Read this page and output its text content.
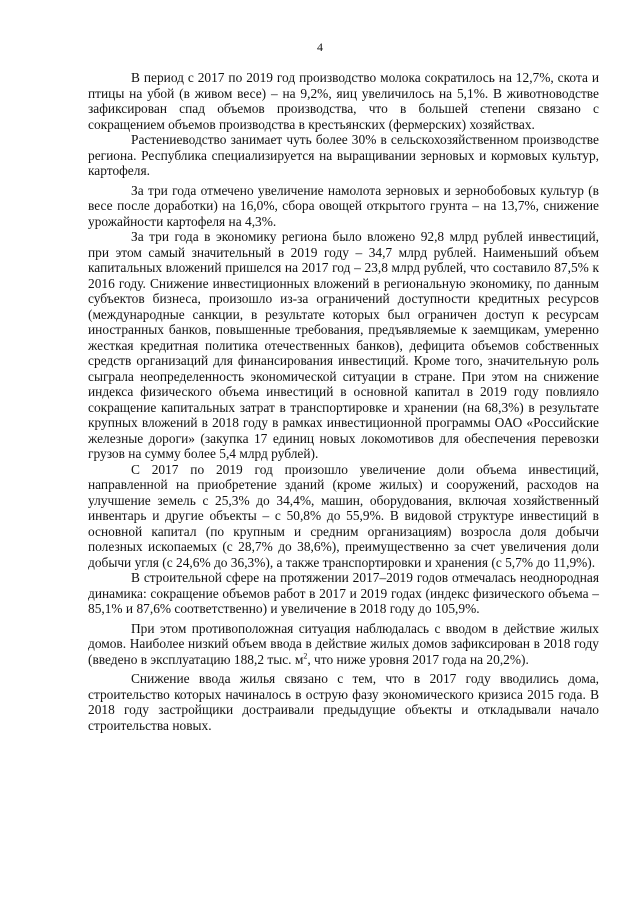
4

В период с 2017 по 2019 год производство молока сократилось на 12,7%, скота и птицы на убой (в живом весе) – на 9,2%, яиц увеличилось на 5,1%. В животноводстве зафиксирован спад объемов производства, что в большей степени связано с сокращением объемов производства в крестьянских (фермерских) хозяйствах.

Растениеводство занимает чуть более 30% в сельскохозяйственном производстве региона. Республика специализируется на выращивании зерновых и кормовых культур, картофеля.

За три года отмечено увеличение намолота зерновых и зернобобовых культур (в весе после доработки) на 16,0%, сбора овощей открытого грунта – на 13,7%, снижение урожайности картофеля на 4,3%.

За три года в экономику региона было вложено 92,8 млрд рублей инвестиций, при этом самый значительный в 2019 году – 34,7 млрд рублей. Наименьший объем капитальных вложений пришелся на 2017 год – 23,8 млрд рублей, что составило 87,5% к 2016 году. Снижение инвестиционных вложений в региональную экономику, по данным субъектов бизнеса, произошло из-за ограничений доступности кредитных ресурсов (международные санкции, в результате которых был ограничен доступ к ресурсам иностранных банков, повышенные требования, предъявляемые к заемщикам, умеренно жесткая кредитная политика отечественных банков), дефицита объемов собственных средств организаций для финансирования инвестиций. Кроме того, значительную роль сыграла неопределенность экономической ситуации в стране. При этом на снижение индекса физического объема инвестиций в основной капитал в 2019 году повлияло сокращение капитальных затрат в транспортировке и хранении (на 68,3%) в результате крупных вложений в 2018 году в рамках инвестиционной программы ОАО «Российские железные дороги» (закупка 17 единиц новых локомотивов для обеспечения перевозки грузов на сумму более 5,4 млрд рублей).

С 2017 по 2019 год произошло увеличение доли объема инвестиций, направленной на приобретение зданий (кроме жилых) и сооружений, расходов на улучшение земель с 25,3% до 34,4%, машин, оборудования, включая хозяйственный инвентарь и другие объекты – с 50,8% до 55,9%. В видовой структуре инвестиций в основной капитал (по крупным и средним организациям) возросла доля добычи полезных ископаемых (с 28,7% до 38,6%), преимущественно за счет увеличения доли добычи угля (с 24,6% до 36,3%), а также транспортировки и хранения (с 5,7% до 11,9%).

В строительной сфере на протяжении 2017–2019 годов отмечалась неоднородная динамика: сокращение объемов работ в 2017 и 2019 годах (индекс физического объема – 85,1% и 87,6% соответственно) и увеличение в 2018 году до 105,9%.

При этом противоположная ситуация наблюдалась с вводом в действие жилых домов. Наиболее низкий объем ввода в действие жилых домов зафиксирован в 2018 году (введено в эксплуатацию 188,2 тыс. $м^2$, что ниже уровня 2017 года на 20,2%).

Снижение ввода жилья связано с тем, что в 2017 году вводились дома, строительство которых начиналось в острую фазу экономического кризиса 2015 года. В 2018 году застройщики достраивали предыдущие объекты и откладывали начало строительства новых.
